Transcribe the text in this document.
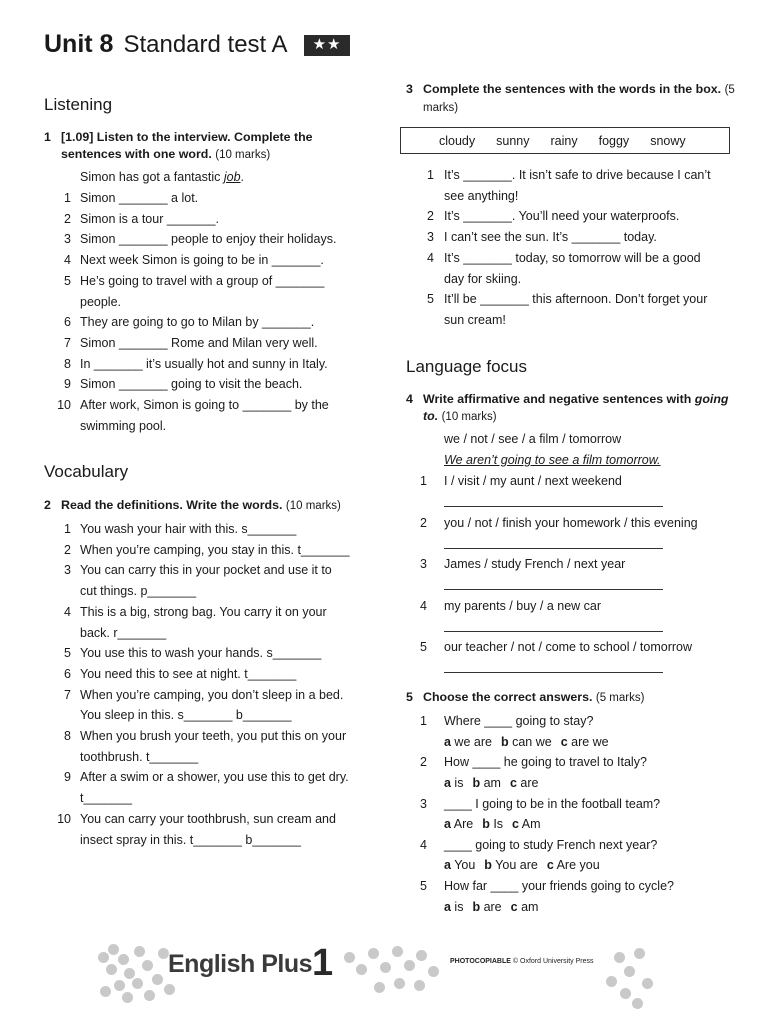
Unit 8 Standard test A	★★
Listening
1 [1.09] Listen to the interview. Complete the sentences with one word. (10 marks)
Simon has got a fantastic job.
1 Simon _______ a lot.
2 Simon is a tour _______.
3 Simon _______ people to enjoy their holidays.
4 Next week Simon is going to be in _______.
5 He’s going to travel with a group of _______
people.
6 They are going to go to Milan by _______.
7 Simon _______ Rome and Milan very well.
8 In _______ it’s usually hot and sunny in Italy.
9 Simon _______ going to visit the beach.
10 After work, Simon is going to _______ by the
swimming pool.
Vocabulary
2 Read the definitions. Write the words. (10 marks)
1 You wash your hair with this. s_______
2 When you’re camping, you stay in this. t_______
3 You can carry this in your pocket and use it to
cut things. p_______
4 This is a big, strong bag. You carry it on your
back. r_______
5 You use this to wash your hands. s_______
6 You need this to see at night. t_______
7 When you’re camping, you don’t sleep in a bed.
You sleep in this. s_______ b_______
8 When you brush your teeth, you put this on your
toothbrush. t_______
9 After a swim or a shower, you use this to get dry.
t_______
10 You can carry your toothbrush, sun cream and
insect spray in this. t_______ b_______
3 Complete the sentences with the words in the box. (5 marks)
cloudy sunny rainy foggy snowy
1 It’s _______. It isn’t safe to drive because I can’t
see anything!
2 It’s _______. You’ll need your waterproofs.
3 I can’t see the sun. It’s _______ today.
4 It’s _______ today, so tomorrow will be a good
day for skiing.
5 It’ll be _______ this afternoon. Don’t forget your
sun cream!
Language focus
4 Write affirmative and negative sentences with going to. (10 marks)
we / not / see / a film / tomorrow
We aren’t going to see a film tomorrow.
1 I / visit / my aunt / next weekend
2 you / not / finish your homework / this evening
3 James / study French / next year
4 my parents / buy / a new car
5 our teacher / not / come to school / tomorrow
5 Choose the correct answers. (5 marks)
1 Where ____ going to stay?
a we are b can we c are we
2 How ____ he going to travel to Italy?
a is b am c are
3 ____ I going to be in the football team?
a Are b Is c Am
4 ____ going to study French next year?
a You b You are c Are you
5 How far ____ your friends going to cycle?
a is b are c am
English Plus 1	PHOTOCOPIABLE © Oxford University Press
